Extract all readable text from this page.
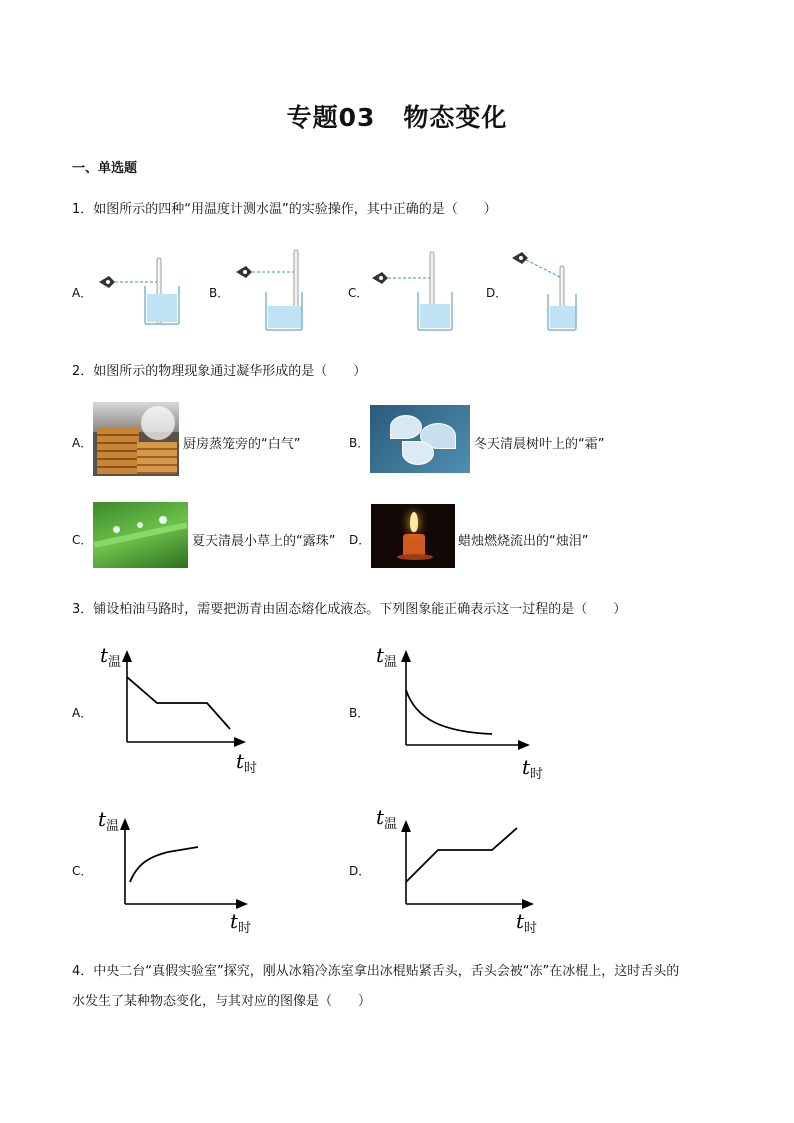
专题03 物态变化
一、单选题
1．如图所示的四种“用温度计测水温”的实验操作，其中正确的是（　　）
A．	B．	C．	D．
2．如图所示的物理现象通过凝华形成的是（　　）
A．	厨房蒸笼旁的“白气”	B．	冬天清晨树叶上的“霜”
C．	夏天清晨小草上的“露珠” D．	蜡烛燃烧流出的“烛泪”
3．铺设柏油马路时，需要把沥青由固态熔化成液态。下列图象能正确表示这一过程的是（　　）
A．	B．
C．	D．
$t_温$
$t_时$
$t_温$
$t_时$
$t_温$
$t_时$
$t_温$
$t_时$
4．中央二台“真假实验室”探究，刚从冰箱冷冻室拿出冰棍贴紧舌头，舌头会被“冻”在冰棍上，这时舌头的
水发生了某种物态变化，与其对应的图像是（　　）
